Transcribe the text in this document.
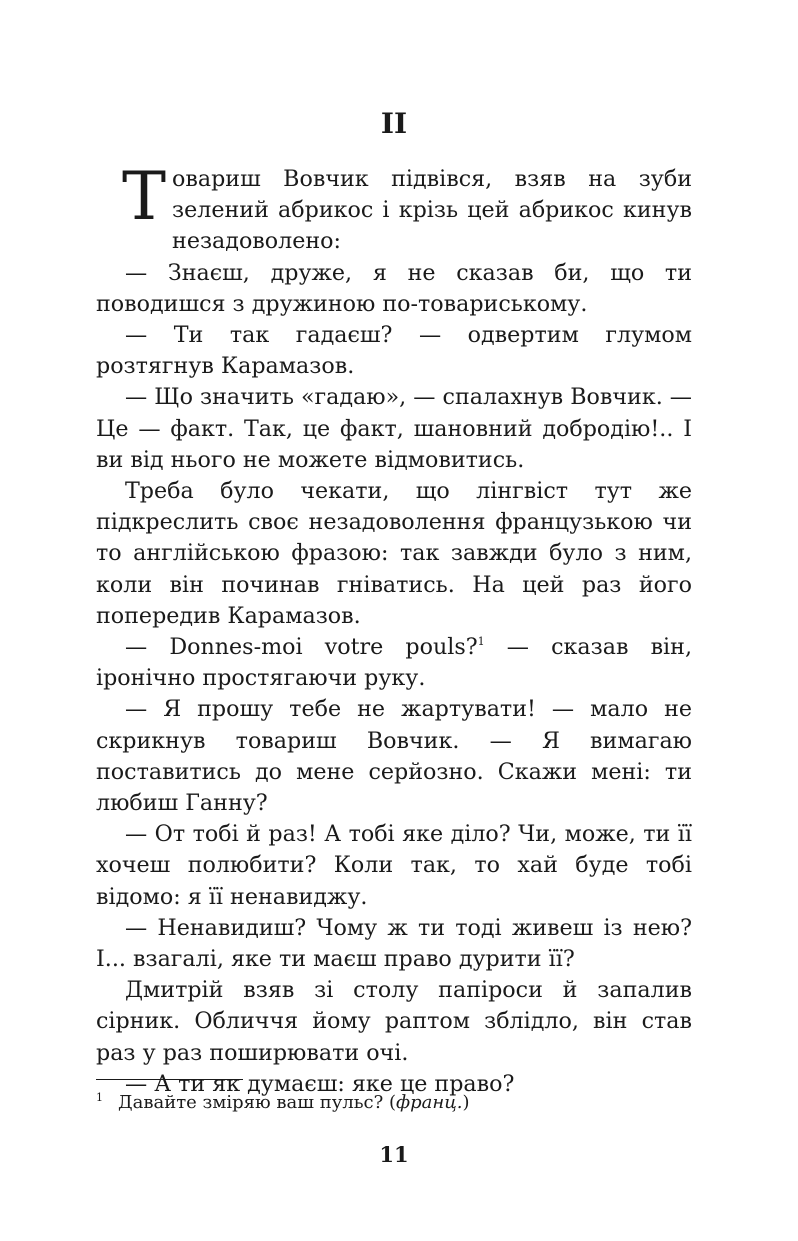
II

Товариш Вовчик підвівся, взяв на зуби зелений абрикос і крізь цей абрикос кинув незадоволено:

— Знаєш, друже, я не сказав би, що ти поводишся з дружиною по-товариському.

— Ти так гадаєш? — одвертим глумом розтягнув Карамазов.

— Що значить «гадаю», — спалахнув Вовчик. — Це — факт. Так, це факт, шановний добродію!.. І ви від нього не можете відмовитись.

Треба було чекати, що лінгвіст тут же підкреслить своє незадоволення французькою чи то англійською фразою: так завжди було з ним, коли він починав гніватись. На цей раз його попередив Карамазов.

— Donnes-moi votre pouls?$^1$ — сказав він, іронічно простягаючи руку.

— Я прошу тебе не жартувати! — мало не скрикнув товариш Вовчик. — Я вимагаю поставитись до мене серйозно. Скажи мені: ти любиш Ганну?

— От тобі й раз! А тобі яке діло? Чи, може, ти її хочеш полюбити? Коли так, то хай буде тобі відомо: я її ненавиджу.

— Ненавидиш? Чому ж ти тоді живеш із нею? І... взагалі, яке ти маєш право дурити її?

Дмитрій взяв зі столу папіроси й запалив сірник. Обличчя йому раптом зблідло, він став раз у раз поширювати очі.

— А ти як думаєш: яке це право?

1 Давайте зміряю ваш пульс? (франц.)
11
